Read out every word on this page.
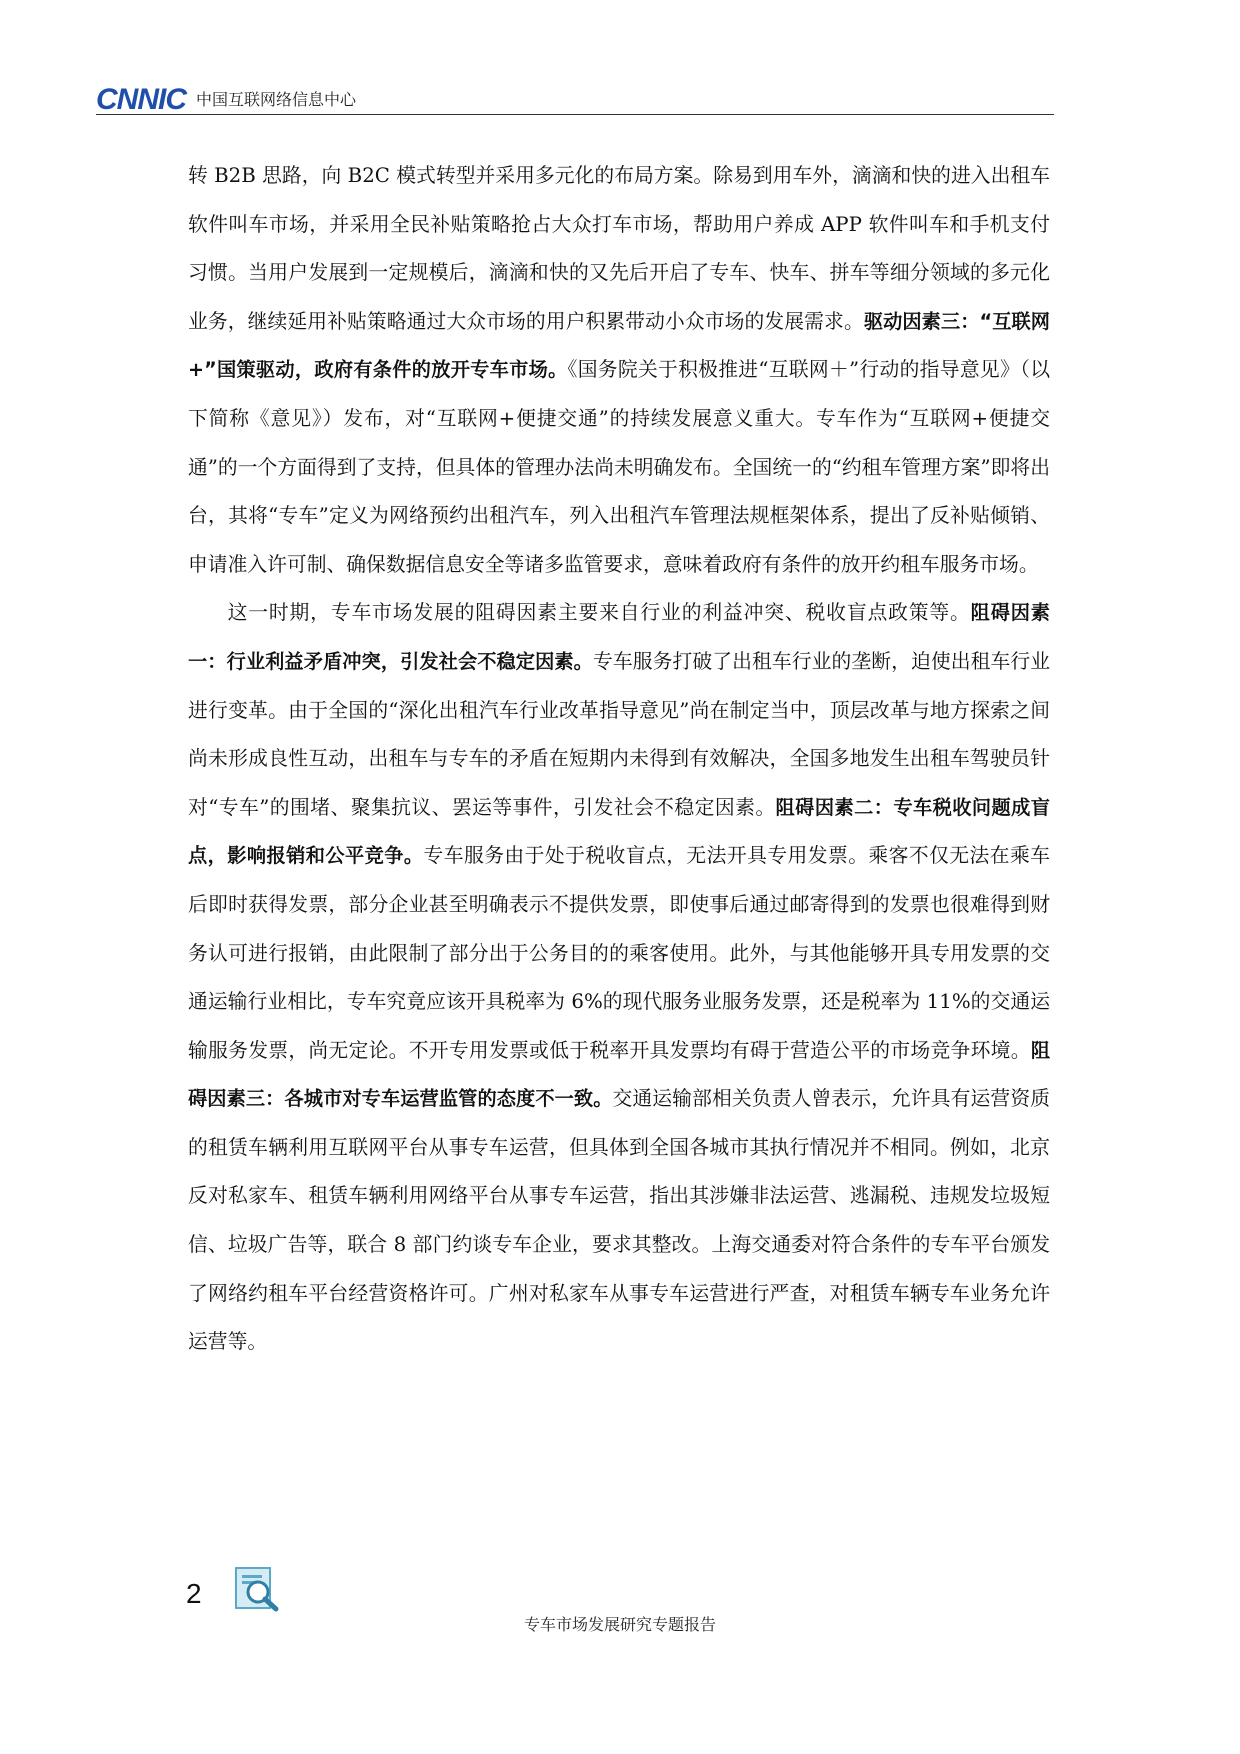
CNNIC 中国互联网络信息中心

转 B2B 思路，向 B2C 模式转型并采用多元化的布局方案。除易到用车外，滴滴和快的进入出租车软件叫车市场，并采用全民补贴策略抢占大众打车市场，帮助用户养成 APP 软件叫车和手机支付习惯。当用户发展到一定规模后，滴滴和快的又先后开启了专车、快车、拼车等细分领域的多元化业务，继续延用补贴策略通过大众市场的用户积累带动小众市场的发展需求。驱动因素三：“互联网+”国策驱动，政府有条件的放开专车市场。《国务院关于积极推进“互联网＋”行动的指导意见》（以下简称《意见》）发布，对“互联网+便捷交通”的持续发展意义重大。专车作为“互联网+便捷交通”的一个方面得到了支持，但具体的管理办法尚未明确发布。全国统一的“约租车管理方案”即将出台，其将“专车”定义为网络预约出租汽车，列入出租汽车管理法规框架体系，提出了反补贴倾销、申请准入许可制、确保数据信息安全等诸多监管要求，意味着政府有条件的放开约租车服务市场。

这一时期，专车市场发展的阻碍因素主要来自行业的利益冲突、税收盲点政策等。阻碍因素一：行业利益矛盾冲突，引发社会不稳定因素。专车服务打破了出租车行业的垄断，迫使出租车行业进行变革。由于全国的“深化出租汽车行业改革指导意见”尚在制定当中，顶层改革与地方探索之间尚未形成良性互动，出租车与专车的矛盾在短期内未得到有效解决，全国多地发生出租车驾驶员针对“专车”的围堵、聚集抗议、罢运等事件，引发社会不稳定因素。阻碍因素二：专车税收问题成盲点，影响报销和公平竞争。专车服务由于处于税收盲点，无法开具专用发票。乘客不仅无法在乘车后即时获得发票，部分企业甚至明确表示不提供发票，即使事后通过邮寄得到的发票也很难得到财务认可进行报销，由此限制了部分出于公务目的的乘客使用。此外，与其他能够开具专用发票的交通运输行业相比，专车究竟应该开具税率为 6%的现代服务业服务发票，还是税率为 11%的交通运输服务发票，尚无定论。不开专用发票或低于税率开具发票均有碍于营造公平的市场竞争环境。阻碍因素三：各城市对专车运营监管的态度不一致。交通运输部相关负责人曾表示，允许具有运营资质的租赁车辆利用互联网平台从事专车运营，但具体到全国各城市其执行情况并不相同。例如，北京反对私家车、租赁车辆利用网络平台从事专车运营，指出其涉嫌非法运营、逃漏税、违规发垃圾短信、垃圾广告等，联合 8 部门约谈专车企业，要求其整改。上海交通委对符合条件的专车平台颁发了网络约租车平台经营资格许可。广州对私家车从事专车运营进行严查，对租赁车辆专车业务允许运营等。

2
专车市场发展研究专题报告
